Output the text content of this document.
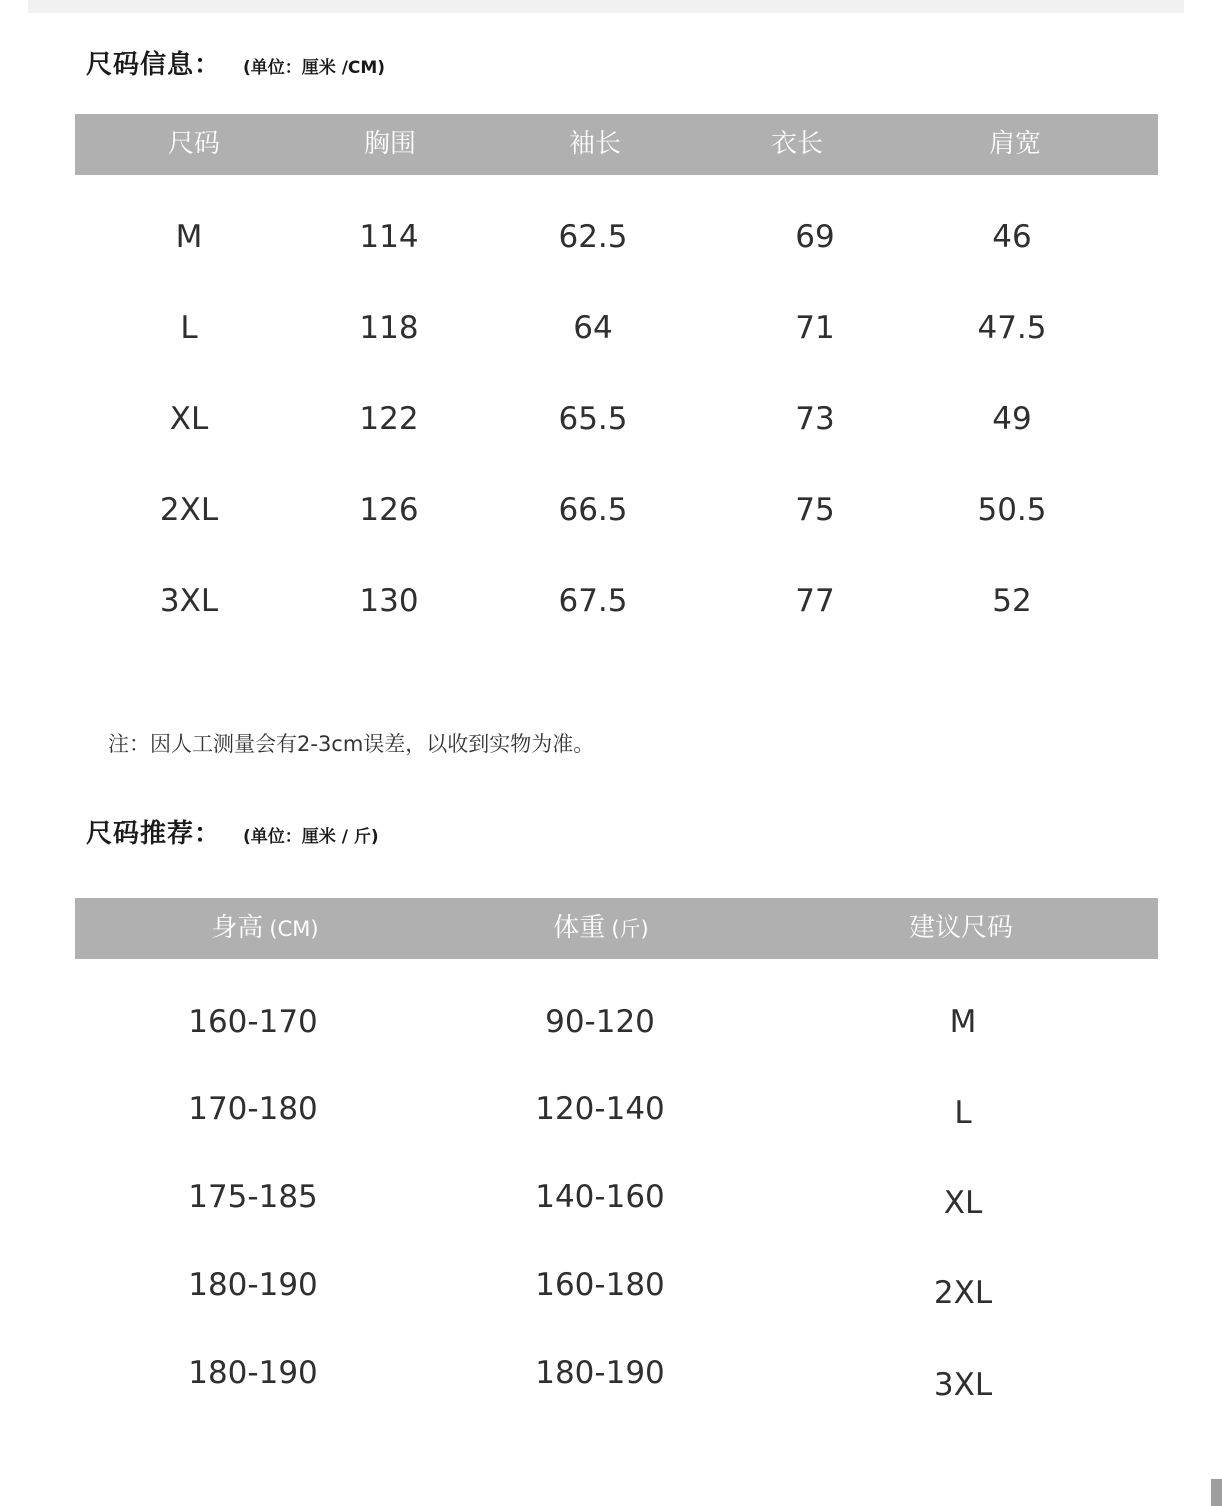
尺码信息： (单位：厘米 /CM)
尺码	胸围	袖长	衣长	肩宽
M	114	62.5	69	46
L	118	64	71	47.5
XL	122	65.5	73	49
2XL	126	66.5	75	50.5
3XL	130	67.5	77	52
注：因人工测量会有2-3cm误差，以收到实物为准。
尺码推荐： (单位：厘米 / 斤)
身高 (CM)	体重 (斤)	建议尺码
160-170	90-120	M
170-180	120-140	L
175-185	140-160	XL
180-190	160-180	2XL
180-190	180-190	3XL
